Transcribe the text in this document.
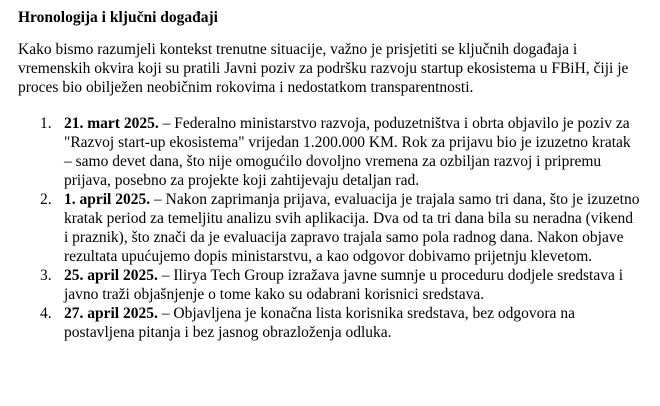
Hronologija i ključni događaji

Kako bismo razumjeli kontekst trenutne situacije, važno je prisjetiti se ključnih događaja i vremenskih okvira koji su pratili Javni poziv za podršku razvoju startup ekosistema u FBiH, čiji je proces bio obilježen neobičnim rokovima i nedostatkom transparentnosti.

1. 21. mart 2025. – Federalno ministarstvo razvoja, poduzetništva i obrta objavilo je poziv za "Razvoj start-up ekosistema" vrijedan 1.200.000 KM. Rok za prijavu bio je izuzetno kratak – samo devet dana, što nije omogućilo dovoljno vremena za ozbiljan razvoj i pripremu prijava, posebno za projekte koji zahtijevaju detaljan rad.
2. 1. april 2025. – Nakon zaprimanja prijava, evaluacija je trajala samo tri dana, što je izuzetno kratak period za temeljitu analizu svih aplikacija. Dva od ta tri dana bila su neradna (vikend i praznik), što znači da je evaluacija zapravo trajala samo pola radnog dana. Nakon objave rezultata upućujemo dopis ministarstvu, a kao odgovor dobivamo prijetnju klevetom.
3. 25. april 2025. – Ilirya Tech Group izražava javne sumnje u proceduru dodjele sredstava i javno traži objašnjenje o tome kako su odabrani korisnici sredstava.
4. 27. april 2025. – Objavljena je konačna lista korisnika sredstava, bez odgovora na postavljena pitanja i bez jasnog obrazloženja odluka.
